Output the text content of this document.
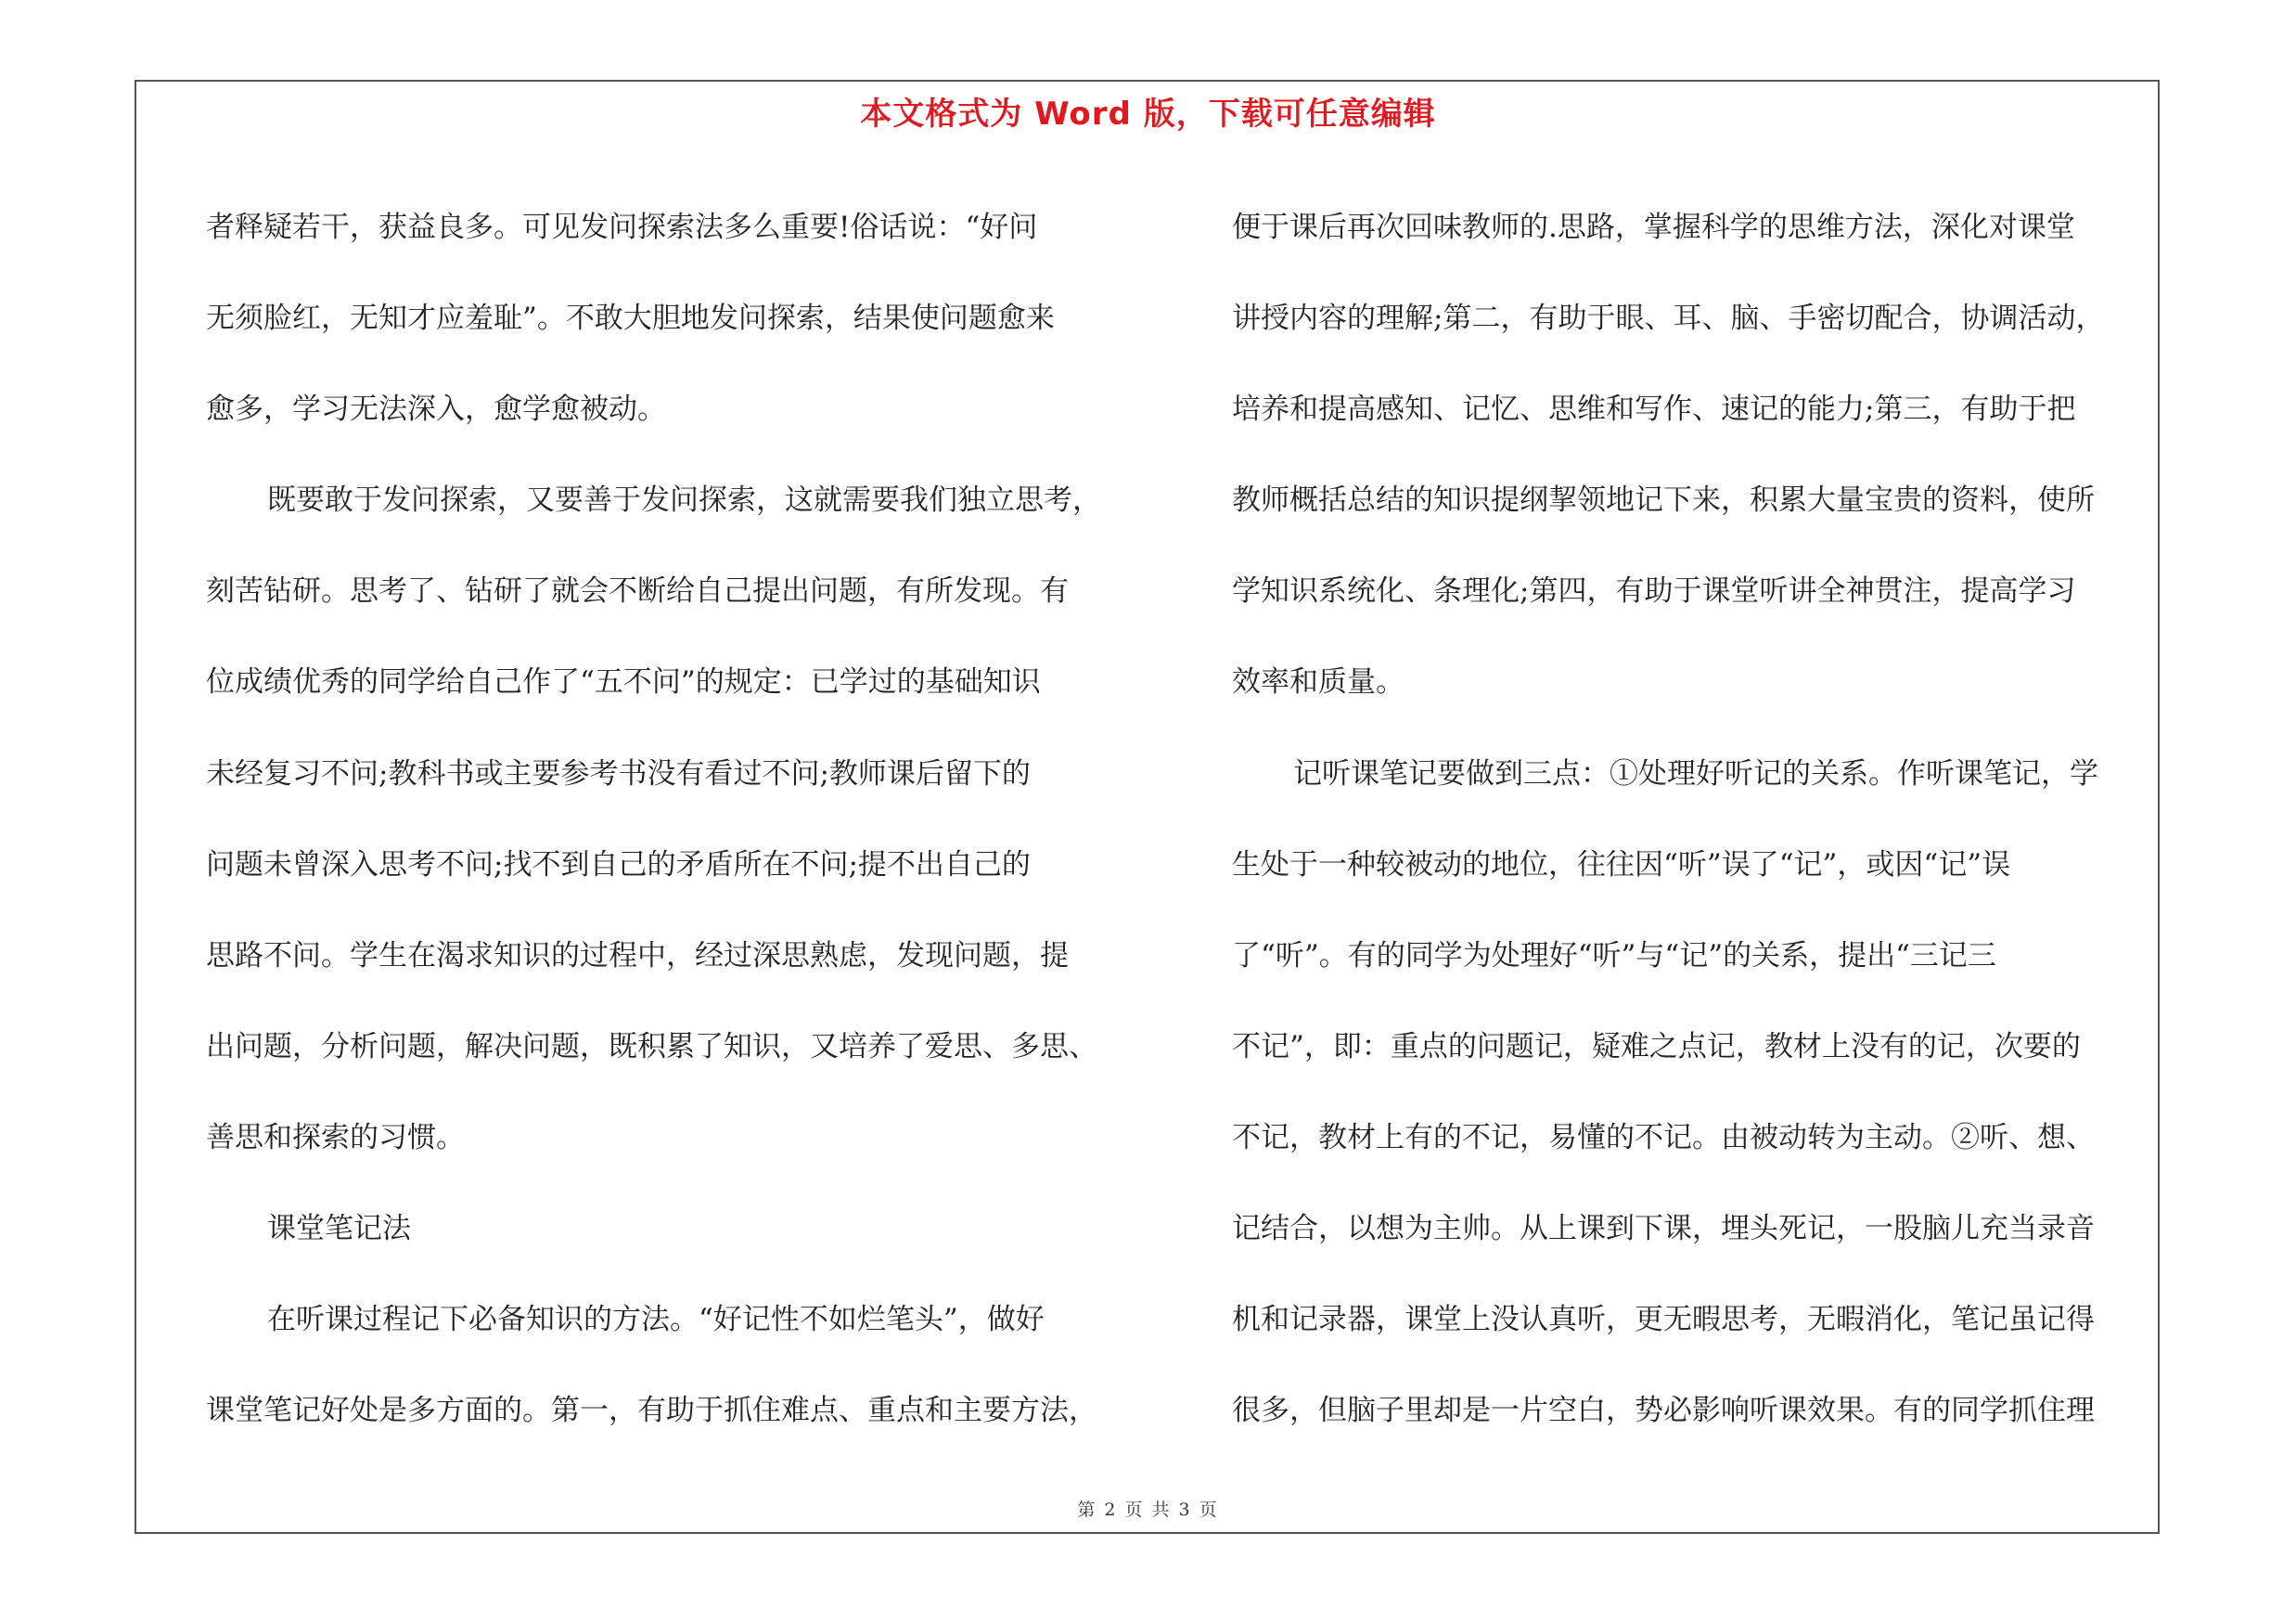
本文格式为 Word 版，下载可任意编辑
者释疑若干，获益良多。可见发问探索法多么重要!俗话说：“好问
无须脸红，无知才应羞耻”。不敢大胆地发问探索，结果使问题愈来
愈多，学习无法深入，愈学愈被动。
既要敢于发问探索，又要善于发问探索，这就需要我们独立思考，
刻苦钻研。思考了、钻研了就会不断给自己提出问题，有所发现。有
位成绩优秀的同学给自己作了“五不问”的规定：已学过的基础知识
未经复习不问;教科书或主要参考书没有看过不问;教师课后留下的
问题未曾深入思考不问;找不到自己的矛盾所在不问;提不出自己的
思路不问。学生在渴求知识的过程中，经过深思熟虑，发现问题，提
出问题，分析问题，解决问题，既积累了知识，又培养了爱思、多思、
善思和探索的习惯。
课堂笔记法
在听课过程记下必备知识的方法。“好记性不如烂笔头”，做好
课堂笔记好处是多方面的。第一，有助于抓住难点、重点和主要方法，
便于课后再次回味教师的.思路，掌握科学的思维方法，深化对课堂
讲授内容的理解;第二，有助于眼、耳、脑、手密切配合，协调活动，
培养和提高感知、记忆、思维和写作、速记的能力;第三，有助于把
教师概括总结的知识提纲挈领地记下来，积累大量宝贵的资料，使所
学知识系统化、条理化;第四，有助于课堂听讲全神贯注，提高学习
效率和质量。
记听课笔记要做到三点：①处理好听记的关系。作听课笔记，学
生处于一种较被动的地位，往往因“听”误了“记”，或因“记”误
了“听”。有的同学为处理好“听”与“记”的关系，提出“三记三
不记”，即：重点的问题记，疑难之点记，教材上没有的记，次要的
不记，教材上有的不记，易懂的不记。由被动转为主动。②听、想、
记结合，以想为主帅。从上课到下课，埋头死记，一股脑儿充当录音
机和记录器，课堂上没认真听，更无暇思考，无暇消化，笔记虽记得
很多，但脑子里却是一片空白，势必影响听课效果。有的同学抓住理
第 2 页 共 3 页
